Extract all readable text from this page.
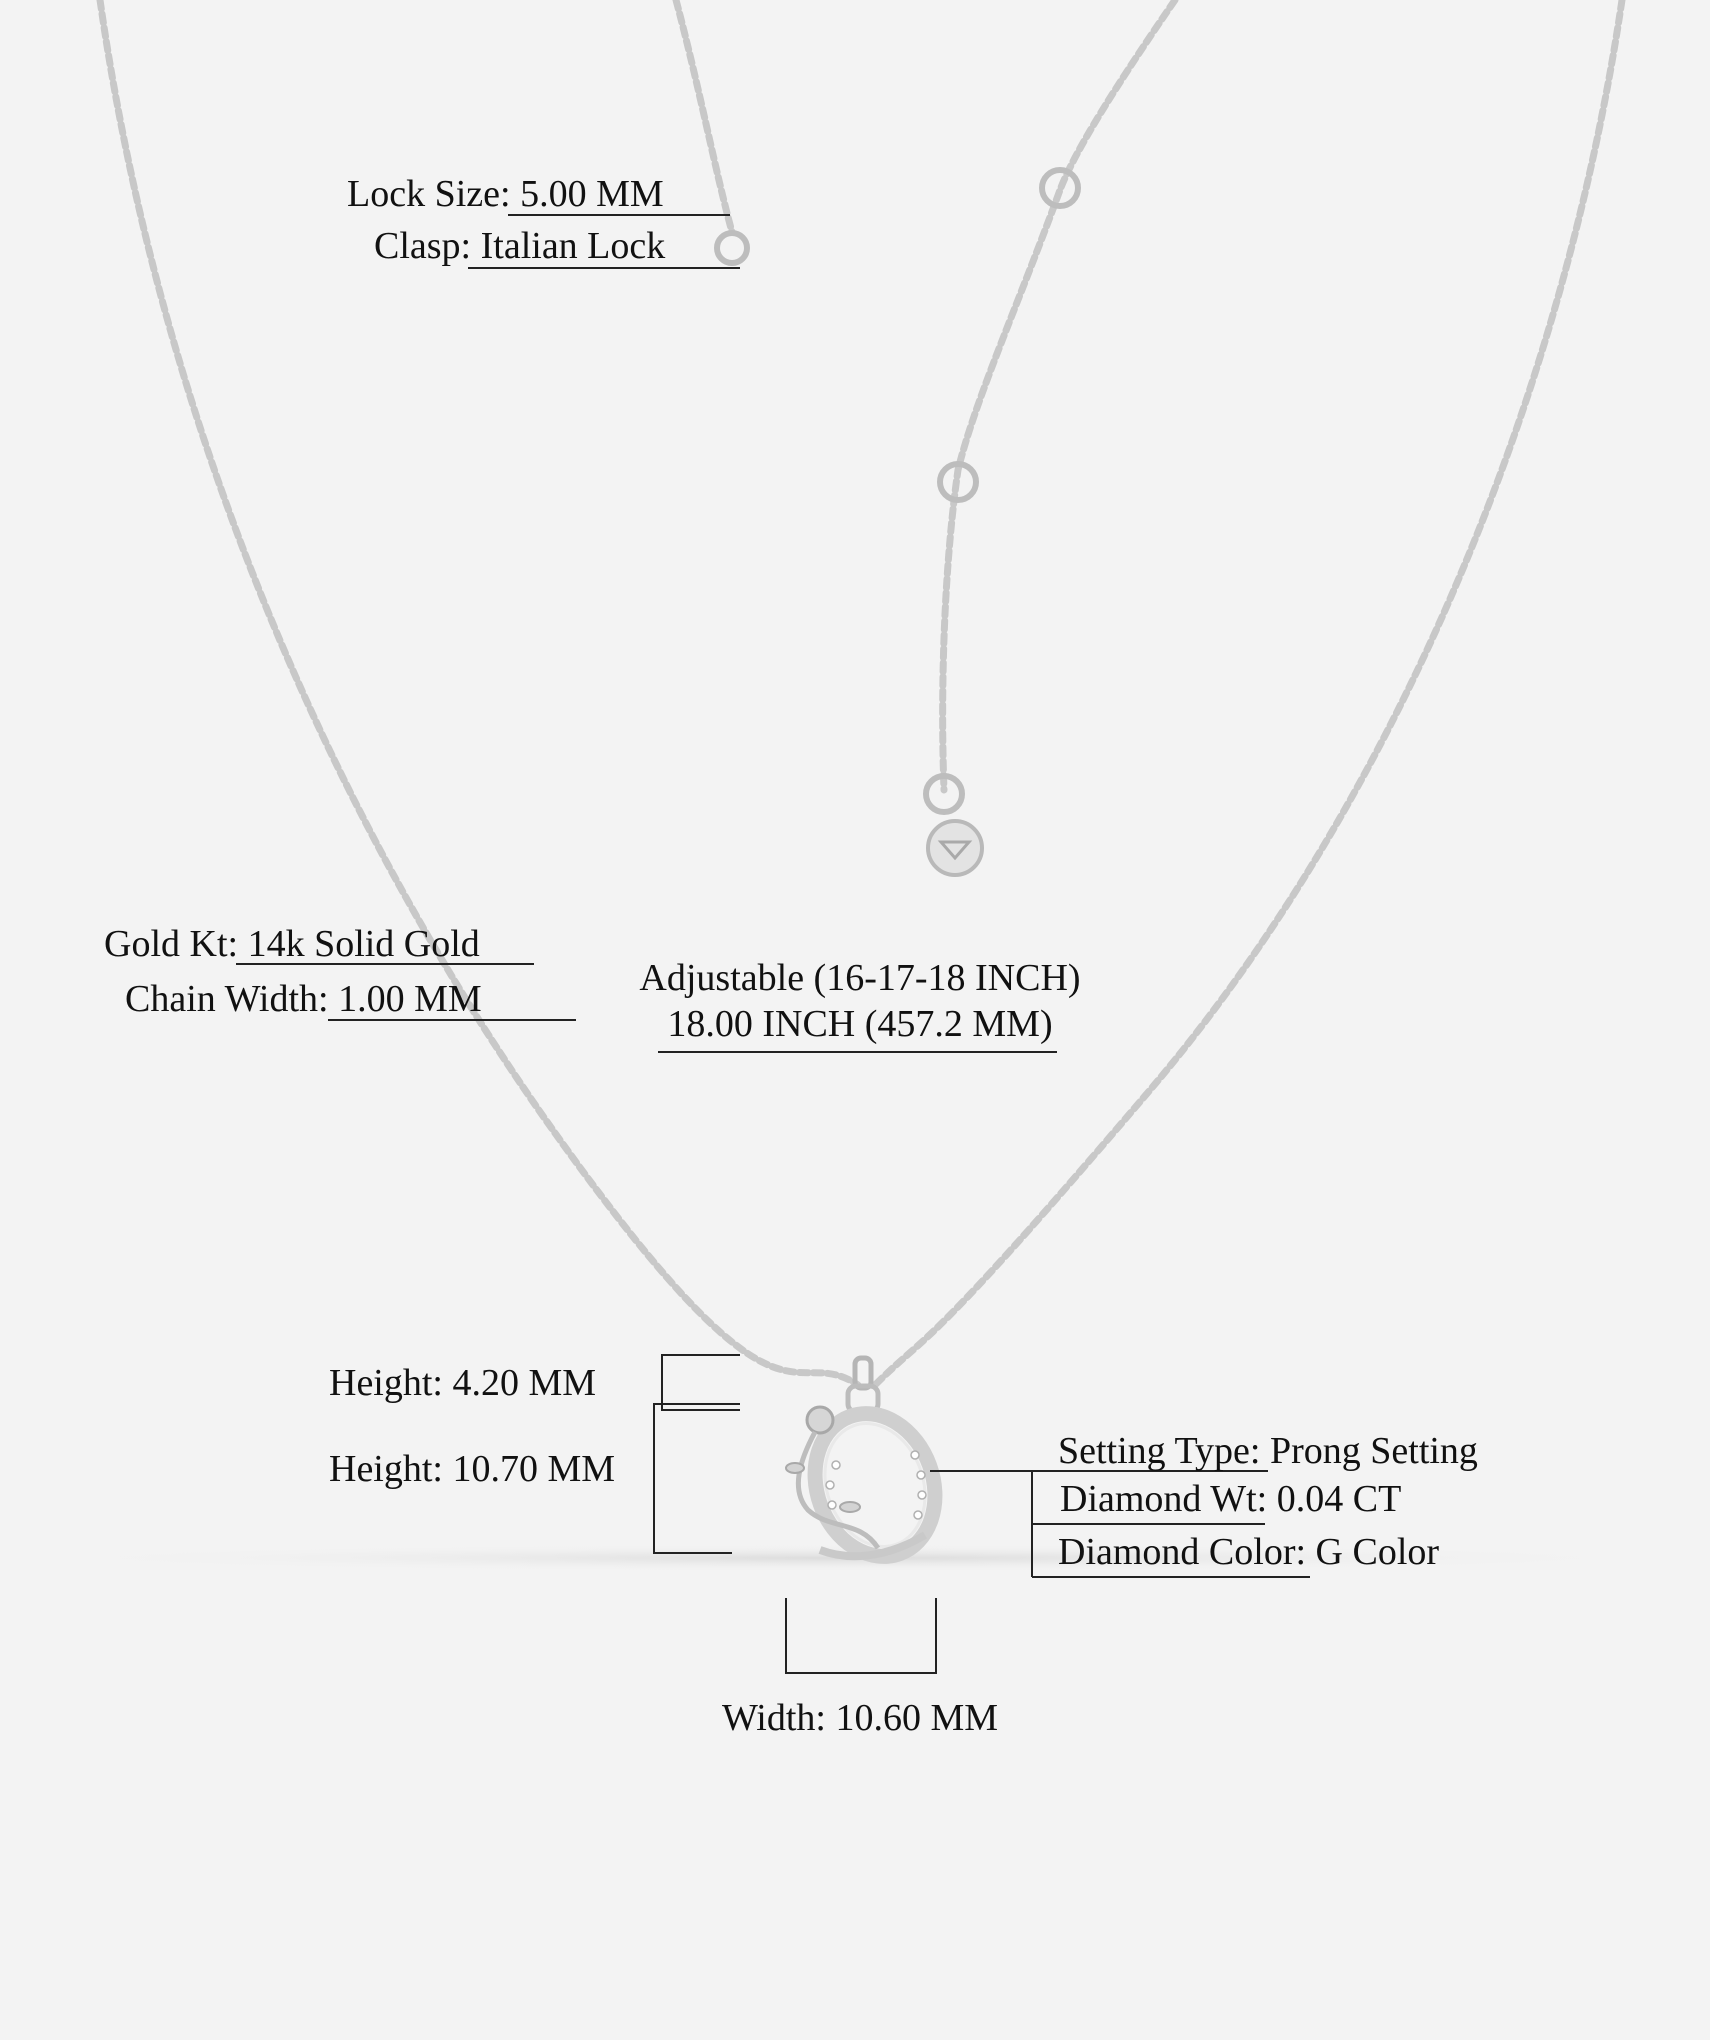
Lock Size: 5.00 MM
Clasp: Italian Lock
Gold Kt: 14k Solid Gold
Chain Width: 1.00 MM	Adjustable (16-17-18 INCH)
18.00 INCH (457.2 MM)
Height: 4.20 MM
Height: 10.70 MM	Setting Type: Prong Setting
Diamond Wt: 0.04 CT
Diamond Color: G Color
Width: 10.60 MM
